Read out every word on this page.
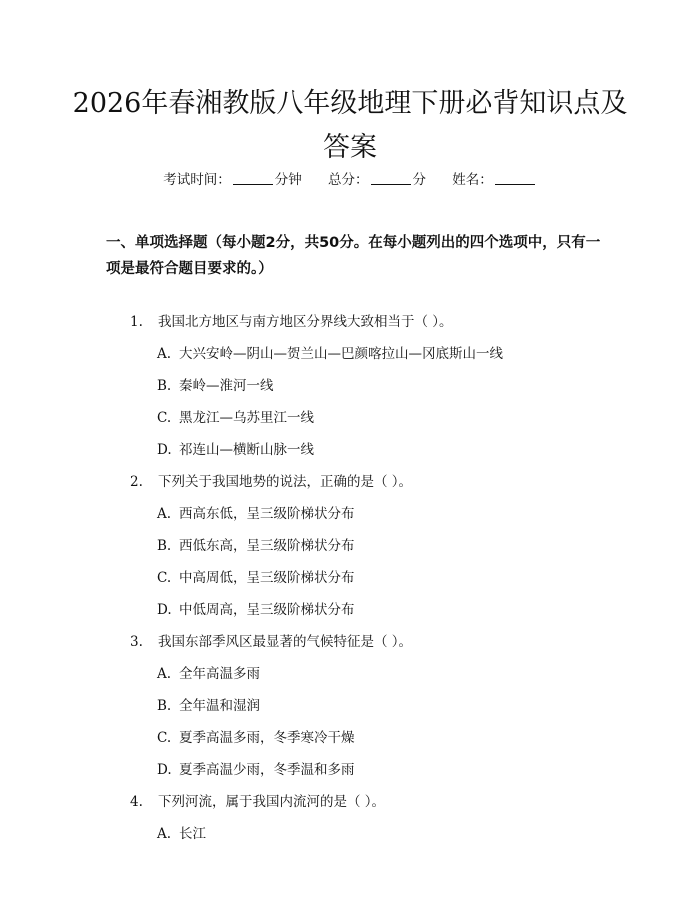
2026年春湘教版八年级地理下册必背知识点及答案
考试时间：	分钟 总分：	分 姓名：
一、单项选择题（每小题2分，共50分。在每小题列出的四个选项中，只有一项是最符合题目要求的。）
1. 我国北方地区与南方地区分界线大致相当于（ ）。
A. 大兴安岭—阴山—贺兰山—巴颜喀拉山—冈底斯山一线
B. 秦岭—淮河一线
C. 黑龙江—乌苏里江一线
D. 祁连山—横断山脉一线
2. 下列关于我国地势的说法，正确的是（ ）。
A. 西高东低，呈三级阶梯状分布
B. 西低东高，呈三级阶梯状分布
C. 中高周低，呈三级阶梯状分布
D. 中低周高，呈三级阶梯状分布
3. 我国东部季风区最显著的气候特征是（ ）。
A. 全年高温多雨
B. 全年温和湿润
C. 夏季高温多雨，冬季寒冷干燥
D. 夏季高温少雨，冬季温和多雨
4. 下列河流，属于我国内流河的是（ ）。
A. 长江
